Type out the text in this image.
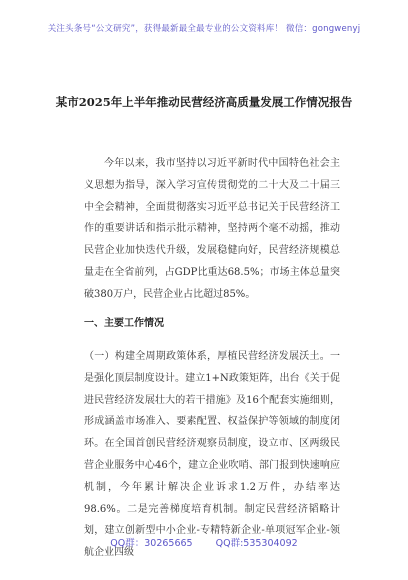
关注头条号“公文研究”，获得最新最全最专业的公文资料库！ 微信：gongwenyj
某市2025年上半年推动民营经济高质量发展工作情况报告

今年以来，我市坚持以习近平新时代中国特色社会主义思想为指导，深入学习宣传贯彻党的二十大及二十届三中全会精神，全面贯彻落实习近平总书记关于民营经济工作的重要讲话和指示批示精神，坚持两个毫不动摇，推动民营企业加快迭代升级，发展稳健向好，民营经济规模总量走在全省前列，占GDP比重达68.5%；市场主体总量突破380万户，民营企业占比超过85%。

一、主要工作情况

（一）构建全周期政策体系，厚植民营经济发展沃土。一是强化顶层制度设计。建立1+N政策矩阵，出台《关于促进民营经济发展壮大的若干措施》及16个配套实施细则，形成涵盖市场准入、要素配置、权益保护等领域的制度闭环。在全国首创民营经济观察员制度，设立市、区两级民营企业服务中心46个，建立企业吹哨、部门报到快速响应机制，今年累计解决企业诉求1.2万件，办结率达98.6%。二是完善梯度培育机制。制定民营经济韬略计划，建立创新型中小企业-专精特新企业-单项冠军企业-领航企业四级

QQ群：30265665 QQ群:535304092
